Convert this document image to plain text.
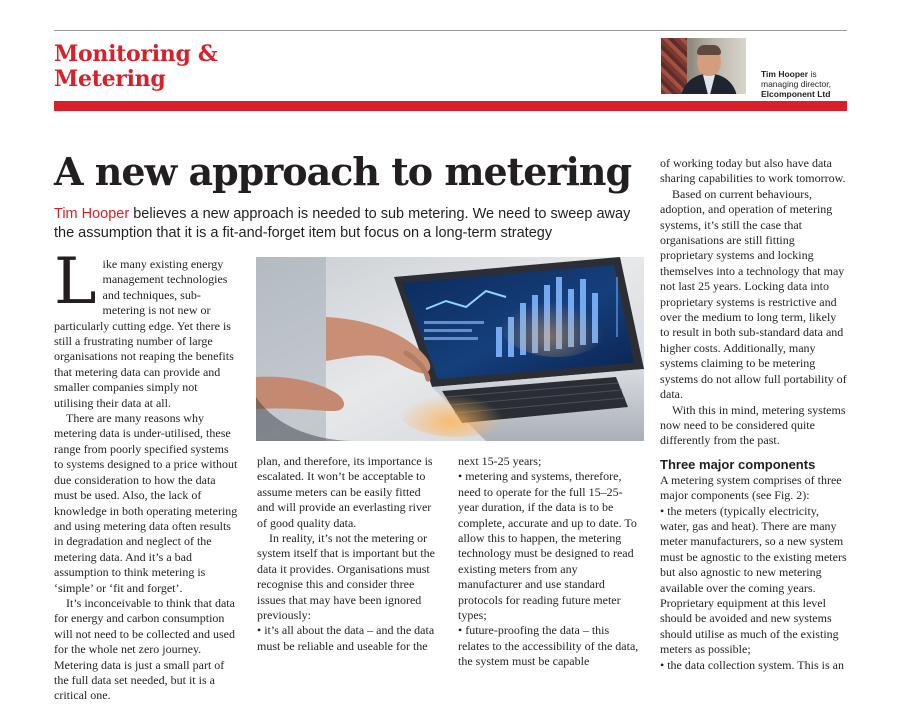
Monitoring &
Metering	Tim Hooper is managing director, Elcomponent Ltd
A new approach to metering

Tim Hooper believes a new approach is needed to sub metering. We need to sweep away the assumption that it is a fit-and-forget item but focus on a long-term strategy

Like many existing energy management technologies and techniques, sub-metering is not new or particularly cutting edge. Yet there is still a frustrating number of large organisations not reaping the benefits that metering data can provide and smaller companies simply not utilising their data at all.

There are many reasons why metering data is under-utilised, these range from poorly specified systems to systems designed to a price without due consideration to how the data must be used. Also, the lack of knowledge in both operating metering and using metering data often results in degradation and neglect of the metering data. And it’s a bad assumption to think metering is ‘simple’ or ‘fit and forget’.

It’s inconceivable to think that data for energy and carbon consumption will not need to be collected and used for the whole net zero journey. Metering data is just a small part of the full data set needed, but it is a critical one.

plan, and therefore, its importance is escalated. It won’t be acceptable to assume meters can be easily fitted and will provide an everlasting river of good quality data.

In reality, it’s not the metering or system itself that is important but the data it provides. Organisations must recognise this and consider three issues that may have been ignored previously:

• it’s all about the data – and the data must be reliable and useable for the

next 15-25 years;

• metering and systems, therefore, need to operate for the full 15–25-year duration, if the data is to be complete, accurate and up to date. To allow this to happen, the metering technology must be designed to read existing meters from any manufacturer and use standard protocols for reading future meter types;

• future-proofing the data – this relates to the accessibility of the data, the system must be capable

of working today but also have data sharing capabilities to work tomorrow.

Based on current behaviours, adoption, and operation of metering systems, it’s still the case that organisations are still fitting proprietary systems and locking themselves into a technology that may not last 25 years. Locking data into proprietary systems is restrictive and over the medium to long term, likely to result in both sub-standard data and higher costs. Additionally, many systems claiming to be metering systems do not allow full portability of data.

With this in mind, metering systems now need to be considered quite differently from the past.

Three major components

A metering system comprises of three major components (see Fig. 2):

• the meters (typically electricity, water, gas and heat). There are many meter manufacturers, so a new system must be agnostic to the existing meters but also agnostic to new metering available over the coming years. Proprietary equipment at this level should be avoided and new systems should utilise as much of the existing meters as possible;

• the data collection system. This is an
